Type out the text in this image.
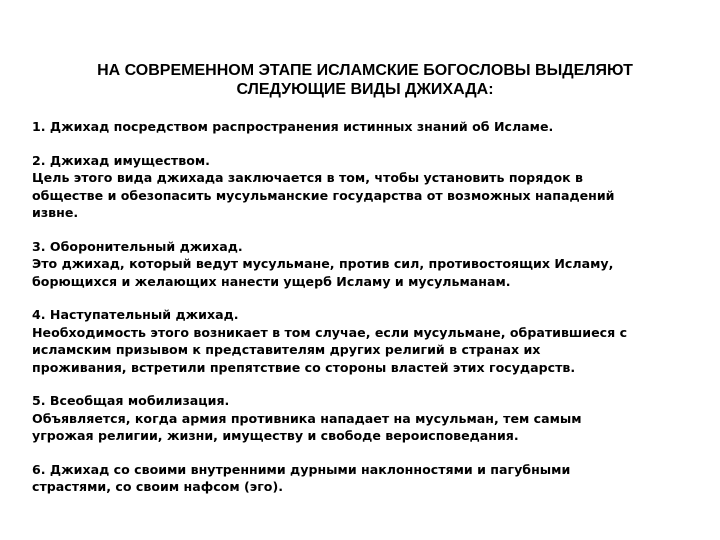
НА СОВРЕМЕННОМ ЭТАПЕ ИСЛАМСКИЕ БОГОСЛОВЫ ВЫДЕЛЯЮТ
СЛЕДУЮЩИЕ ВИДЫ ДЖИХАДА:

1. Джихад посредством распространения истинных знаний об Исламе.

2. Джихад имуществом.

Цель этого вида джихада заключается в том, чтобы установить порядок в

обществе и обезопасить мусульманские государства от возможных нападений

извне.

3. Оборонительный джихад.

Это джихад, который ведут мусульмане, против сил, противостоящих Исламу,

борющихся и желающих нанести ущерб Исламу и мусульманам.

4. Наступательный джихад.

Необходимость этого возникает в том случае, если мусульмане, обратившиеся с

исламским призывом к представителям других религий в странах их

проживания, встретили препятствие со стороны властей этих государств.

5. Всеобщая мобилизация.

Объявляется, когда армия противника нападает на мусульман, тем самым

угрожая религии, жизни, имуществу и свободе вероисповедания.

6. Джихад со своими внутренними дурными наклонностями и пагубными

страстями, со своим нафсом (эго).
